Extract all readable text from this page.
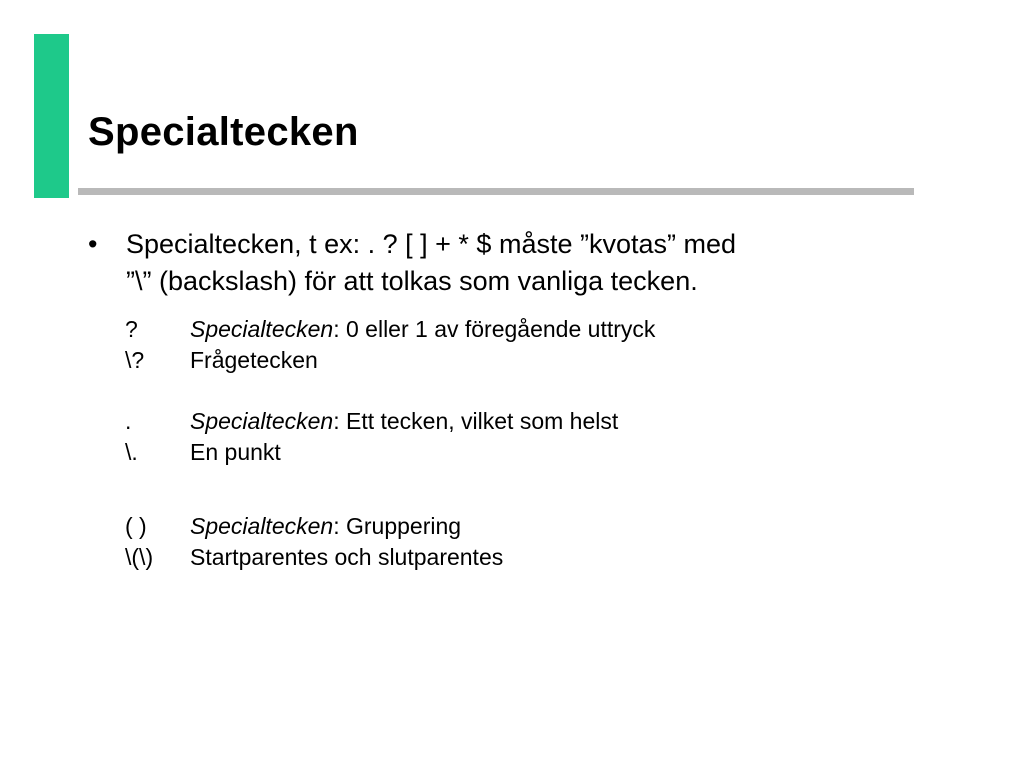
Specialtecken
• Specialtecken, t ex: . ? [ ] + * $ måste ”kvotas” med
”\” (backslash) för att tolkas som vanliga tecken.
? Specialtecken: 0 eller 1 av föregående uttryck
\? Frågetecken
.	Specialtecken: Ett tecken, vilket som helst
\. En punkt
( ) Specialtecken: Gruppering
\(\) Startparentes och slutparentes
